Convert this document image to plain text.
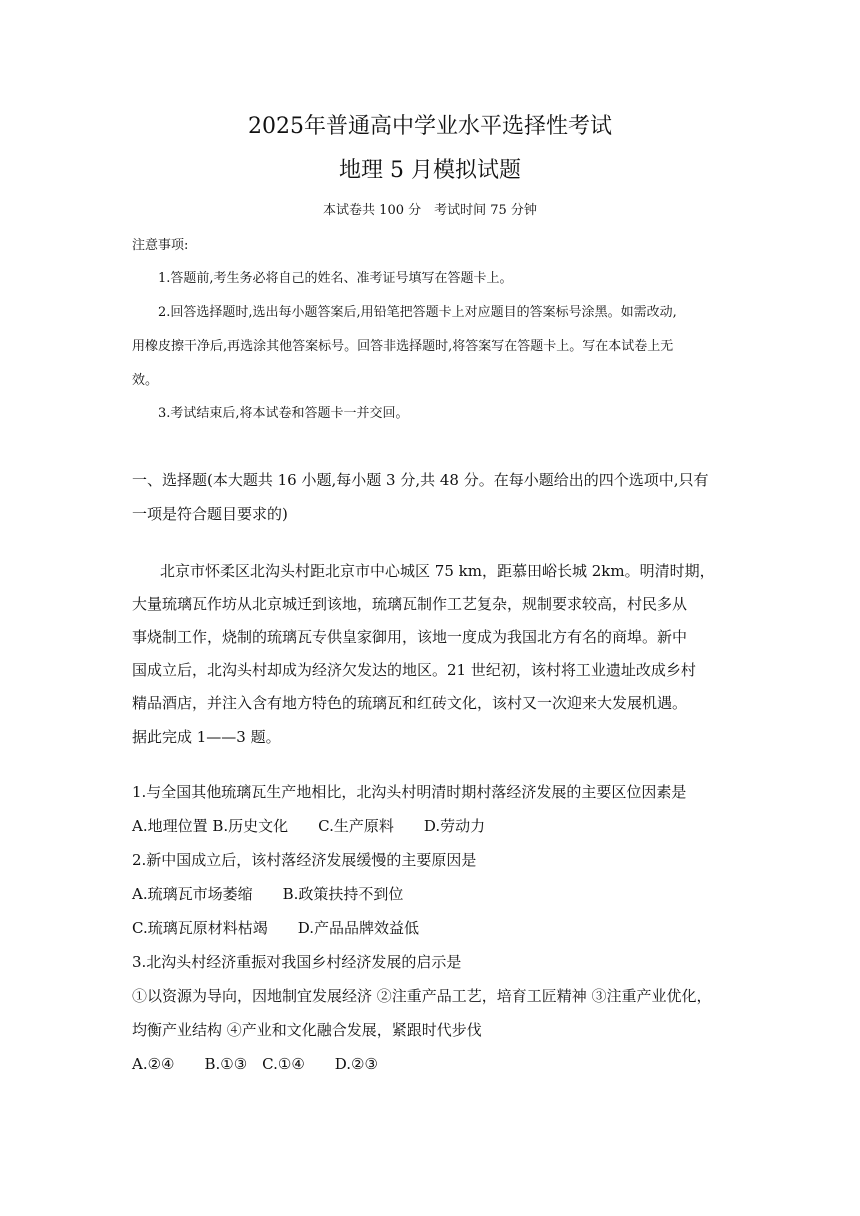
2025年普通高中学业水平选择性考试
地理 5 月模拟试题
本试卷共 100 分　考试时间 75 分钟
注意事项:
1.答题前,考生务必将自己的姓名、准考证号填写在答题卡上。
2.回答选择题时,选出每小题答案后,用铅笔把答题卡上对应题目的答案标号涂黑。如需改动,
用橡皮擦干净后,再选涂其他答案标号。回答非选择题时,将答案写在答题卡上。写在本试卷上无
效。
3.考试结束后,将本试卷和答题卡一并交回。
一、选择题(本大题共 16 小题,每小题 3 分,共 48 分。在每小题给出的四个选项中,只有
一项是符合题目要求的)
北京市怀柔区北沟头村距北京市中心城区 75 km，距慕田峪长城 2km。明清时期，
大量琉璃瓦作坊从北京城迁到该地，琉璃瓦制作工艺复杂，规制要求较高，村民多从
事烧制工作，烧制的琉璃瓦专供皇家御用，该地一度成为我国北方有名的商埠。新中
国成立后，北沟头村却成为经济欠发达的地区。21 世纪初，该村将工业遗址改成乡村
精品酒店，并注入含有地方特色的琉璃瓦和红砖文化，该村又一次迎来大发展机遇。
据此完成 1——3 题。
1.与全国其他琉璃瓦生产地相比，北沟头村明清时期村落经济发展的主要区位因素是
A.地理位置 B.历史文化　　C.生产原料　　D.劳动力
2.新中国成立后，该村落经济发展缓慢的主要原因是
A.琉璃瓦市场萎缩　　B.政策扶持不到位
C.琉璃瓦原材料枯竭　　D.产品品牌效益低
3.北沟头村经济重振对我国乡村经济发展的启示是
①以资源为导向，因地制宜发展经济 ②注重产品工艺，培育工匠精神 ③注重产业优化，
均衡产业结构 ④产业和文化融合发展，紧跟时代步伐
A.②④　　B.①③　C.①④　　D.②③
